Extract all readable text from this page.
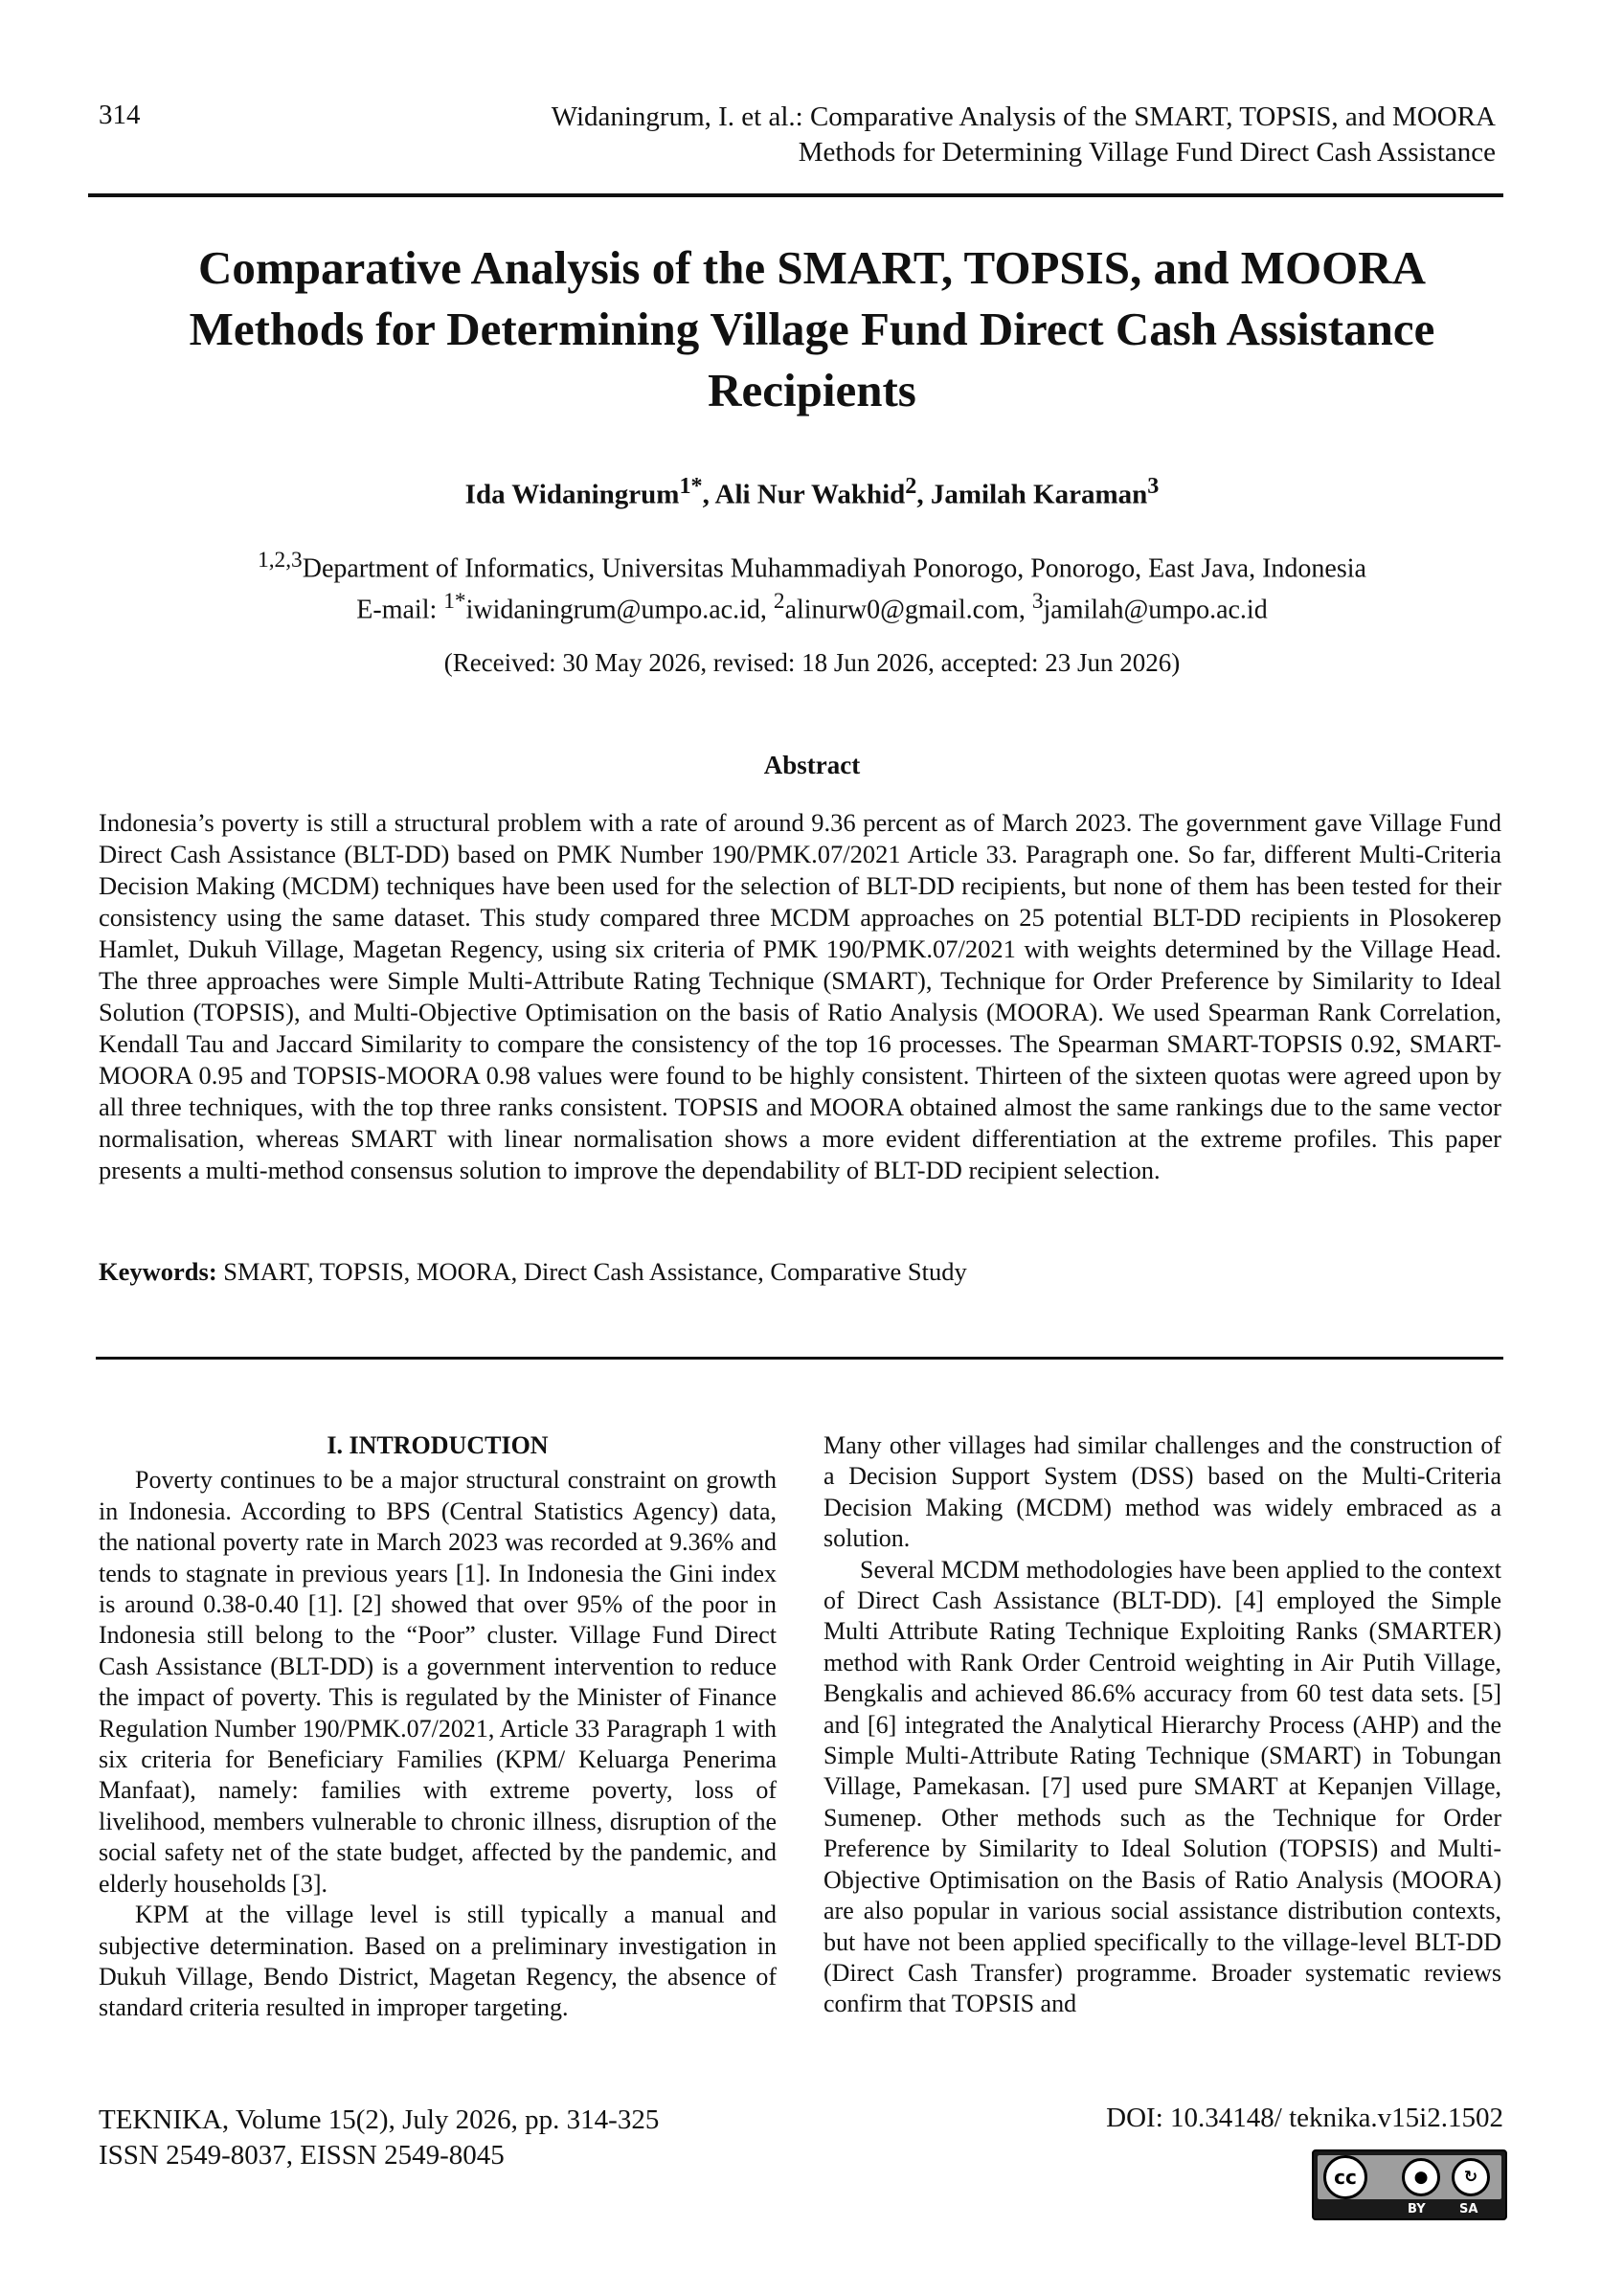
314	Widaningrum, I. et al.: Comparative Analysis of the SMART, TOPSIS, and MOORA
Methods for Determining Village Fund Direct Cash Assistance
Comparative Analysis of the SMART, TOPSIS, and MOORA
Methods for Determining Village Fund Direct Cash Assistance
Recipients
Ida Widaningrum$^{1*}$, Ali Nur Wakhid$^2$, Jamilah Karaman$^3$
$^{1,2,3}$Department of Informatics, Universitas Muhammadiyah Ponorogo, Ponorogo, East Java, Indonesia
E-mail: $^{1*}$iwidaningrum@umpo.ac.id, $^2$alinurw0@gmail.com, $^3$jamilah@umpo.ac.id
(Received: 30 May 2026, revised: 18 Jun 2026, accepted: 23 Jun 2026)
Abstract
Indonesia’s poverty is still a structural problem with a rate of around 9.36 percent as of March 2023. The government gave Village Fund Direct Cash Assistance (BLT-DD) based on PMK Number 190/PMK.07/2021 Article 33. Paragraph one. So far, different Multi-Criteria Decision Making (MCDM) techniques have been used for the selection of BLT-DD recipients, but none of them has been tested for their consistency using the same dataset. This study compared three MCDM approaches on 25 potential BLT-DD recipients in Plosokerep Hamlet, Dukuh Village, Magetan Regency, using six criteria of PMK 190/PMK.07/2021 with weights determined by the Village Head. The three approaches were Simple Multi-Attribute Rating Technique (SMART), Technique for Order Preference by Similarity to Ideal Solution (TOPSIS), and Multi-Objective Optimisation on the basis of Ratio Analysis (MOORA). We used Spearman Rank Correlation, Kendall Tau and Jaccard Similarity to compare the consistency of the top 16 processes. The Spearman SMART-TOPSIS 0.92, SMART-MOORA 0.95 and TOPSIS-MOORA 0.98 values were found to be highly consistent. Thirteen of the sixteen quotas were agreed upon by all three techniques, with the top three ranks consistent. TOPSIS and MOORA obtained almost the same rankings due to the same vector normalisation, whereas SMART with linear normalisation shows a more evident differentiation at the extreme profiles. This paper presents a multi-method consensus solution to improve the dependability of BLT-DD recipient selection.
Keywords: SMART, TOPSIS, MOORA, Direct Cash Assistance, Comparative Study
I. INTRODUCTION

Poverty continues to be a major structural constraint on growth in Indonesia. According to BPS (Central Statistics Agency) data, the national poverty rate in March 2023 was recorded at 9.36% and tends to stagnate in previous years [1]. In Indonesia the Gini index is around 0.38-0.40 [1]. [2] showed that over 95% of the poor in Indonesia still belong to the “Poor” cluster. Village Fund Direct Cash Assistance (BLT-DD) is a government intervention to reduce the impact of poverty. This is regulated by the Minister of Finance Regulation Number 190/PMK.07/2021, Article 33 Paragraph 1 with six criteria for Beneficiary Families (KPM/ Keluarga Penerima Manfaat), namely: families with extreme poverty, loss of livelihood, members vulnerable to chronic illness, disruption of the social safety net of the state budget, affected by the pandemic, and elderly households [3].

KPM at the village level is still typically a manual and subjective determination. Based on a preliminary investigation in Dukuh Village, Bendo District, Magetan Regency, the absence of standard criteria resulted in improper targeting.

Many other villages had similar challenges and the construction of a Decision Support System (DSS) based on the Multi-Criteria Decision Making (MCDM) method was widely embraced as a solution.

Several MCDM methodologies have been applied to the context of Direct Cash Assistance (BLT-DD). [4] employed the Simple Multi Attribute Rating Technique Exploiting Ranks (SMARTER) method with Rank Order Centroid weighting in Air Putih Village, Bengkalis and achieved 86.6% accuracy from 60 test data sets. [5] and [6] integrated the Analytical Hierarchy Process (AHP) and the Simple Multi-Attribute Rating Technique (SMART) in Tobungan Village, Pamekasan. [7] used pure SMART at Kepanjen Village, Sumenep. Other methods such as the Technique for Order Preference by Similarity to Ideal Solution (TOPSIS) and Multi-Objective Optimisation on the Basis of Ratio Analysis (MOORA) are also popular in various social assistance distribution contexts, but have not been applied specifically to the village-level BLT-DD (Direct Cash Transfer) programme. Broader systematic reviews confirm that TOPSIS and

TEKNIKA, Volume 15(2), July 2026, pp. 314-325
ISSN 2549-8037, EISSN 2549-8045
DOI: 10.34148/ teknika.v15i2.1502
cc	●	↻
BY	SA
